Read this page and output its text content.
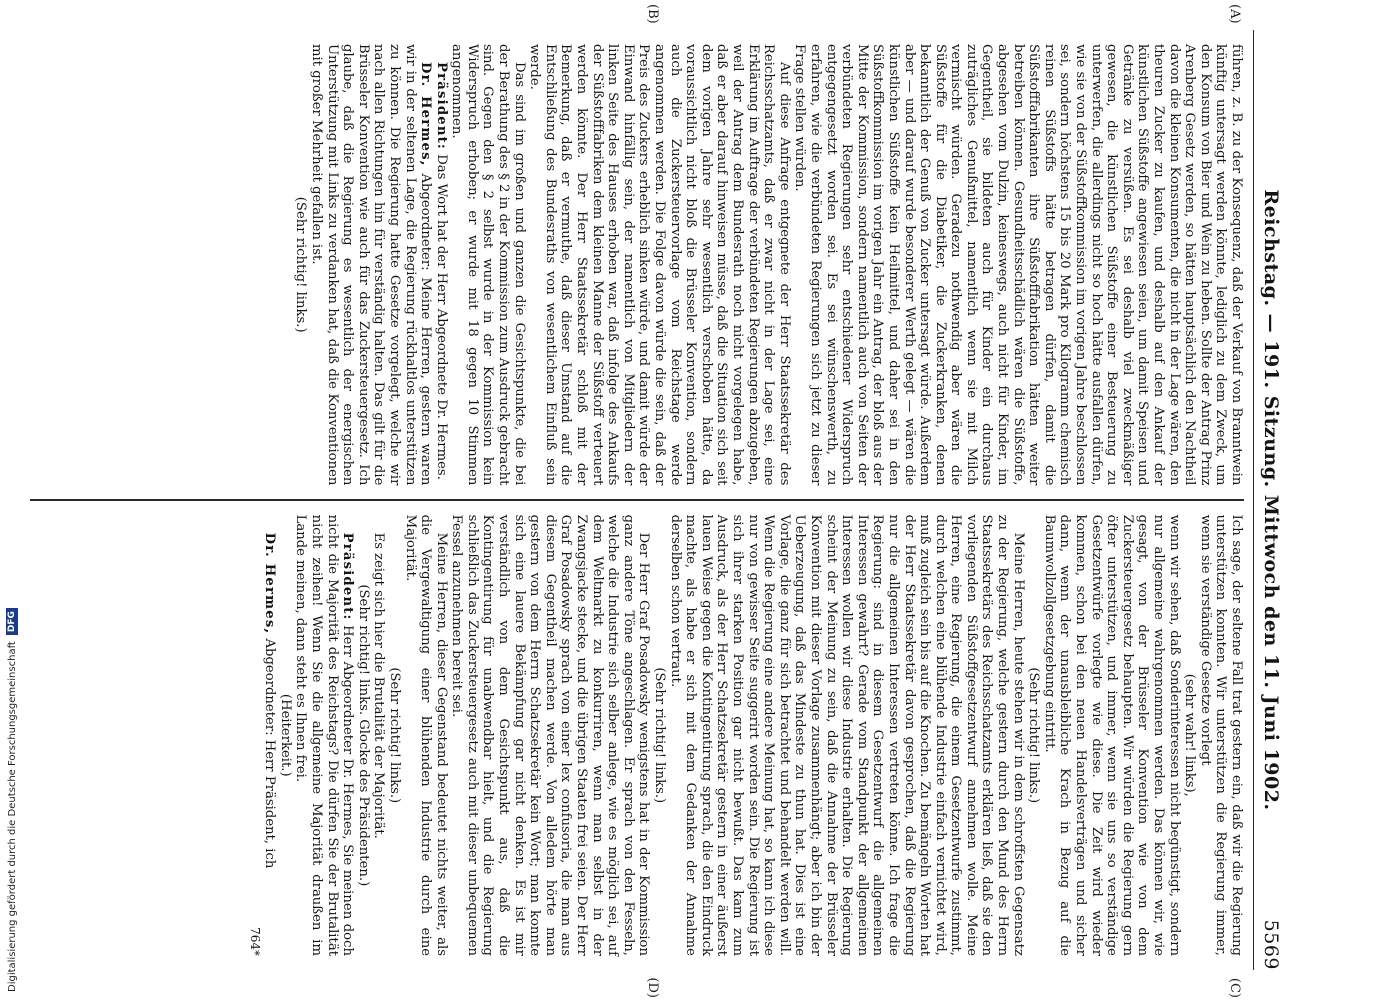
Reichstag. — 191. Sitzung. Mittwoch den 11. Juni 1902.
5569
(A)
(B)
(C)
(D)

führen, z. B. zu der Konsequenz, daß der Verkauf von Branntwein künftig untersagt werden könnte, lediglich zu dem Zweck, um den Konsum von Bier und Wein zu heben. Sollte der Antrag Prinz Arenberg Gesetz werden, so hätten hauptsächlich den Nachtheil davon die kleinen Konsumenten, die nicht in der Lage wären, den theuren Zucker zu kaufen, und deshalb auf den Ankauf der künstlichen Süßstoffe angewiesen seien, um damit Speisen und Getränke zu versüßen. Es sei deshalb viel zweckmäßiger gewesen, die künstlichen Süßstoffe einer Besteuerung zu unterwerfen, die allerdings nicht so hoch hätte ausfallen dürfen, wie sie von der Süßstoffkommission im vorigen Jahre beschlossen sei, sondern höchstens 15 bis 20 Mark pro Kilogramm chemisch reinen Süßstoffs hätte betragen dürfen, damit die Süßstofffabrikanten ihre Süßstofffabrikation hätten weiter betreiben können. Gesundheitsschädlich wären die Süßstoffe, abgesehen vom Dulzin, keineswegs, auch nicht für Kinder, im Gegentheil, sie bildeten auch für Kinder ein durchaus zuträgliches Genußmittel, namentlich wenn sie mit Milch vermischt würden. Geradezu nothwendig aber wären die Süßstoffe für die Diabetiker, die Zuckerkranken, denen bekanntlich der Genuß von Zucker untersagt würde. Außerdem aber — und darauf wurde besonderer Werth gelegt — wären die künstlichen Süßstoffe kein Heilmittel, und daher sei in den Süßstoffkommission im vorigen Jahr ein Antrag, der bloß aus der Mitte der Kommission, sondern namentlich auch von Seiten der verbündeten Regierungen sehr entschiedener Widerspruch entgegengesetzt worden sei. Es sei wünschenswerth, zu erfahren, wie die verbündeten Regierungen sich jetzt zu dieser Frage stellen würden.

Auf diese Anfrage entgegnete der Herr Staatssekretär des Reichsschatzamts, daß er zwar nicht in der Lage sei, eine Erklärung im Auftrage der verbündeten Regierungen abzugeben, weil der Antrag dem Bundesrath noch nicht vorgelegen habe, daß er aber darauf hinweisen müsse, daß die Situation sich seit dem vorigen Jahre sehr wesentlich verschoben hätte, da voraussichtlich nicht bloß die Brüsseler Konvention, sondern auch die Zuckersteuervorlage vom Reichstage werde angenommen werden. Die Folge davon würde die sein, daß der Preis des Zuckers erheblich sinken würde, und damit würde der Einwand hinfällig sein, der namentlich von Mitgliedern der linken Seite des Hauses erhoben war, daß infolge des Ankaufs der Süßstofffabriken dem kleinen Manne der Süßstoff verteuert werden könnte. Der Herr Staatssekretär schloß mit der Bemerkung, daß er vermuthe, daß dieser Umstand auf die Entschließung des Bundesraths von wesentlichem Einfluß sein werde.

Das sind im großen und ganzen die Gesichtspunkte, die bei der Berathung des § 2 in der Kommission zum Ausdruck gebracht sind. Gegen den § 2 selbst wurde in der Kommission kein Widerspruch erhoben; er wurde mit 18 gegen 10 Stimmen angenommen.

Präsident: Das Wort hat der Herr Abgeordnete Dr. Hermes.

Dr. Hermes, Abgeordneter: Meine Herren, gestern waren wir in der seltenen Lage, die Regierung rückhaltlos unterstützen zu können. Die Regierung hatte Gesetze vorgelegt, welche wir nach allen Richtungen hin für verständig halten. Das gilt für die Brüsseler Konvention wie auch für das Zuckersteuergesetz. Ich glaube, daß die Regierung es wesentlich der energischen Unterstützung mit Links zu verdanken hat, daß die Konventionen mit großer Mehrheit gefallen ist.

(Sehr richtig! links.)

Ich sage, der seltene Fall trat gestern ein, daß wir die Regierung unterstützen konnten. Wir unterstützen die Regierung immer, wenn sie verständige Gesetze vorlegt

(sehr wahr! links),

wenn wir sehen, daß Sonderinteressen nicht begünstigt, sondern nur allgemeine wahrgenommen werden. Das können wir, wie gesagt, von der Brüsseler Konvention wie von dem Zuckersteuergesetz behaupten. Wir würden die Regierung gern öfter unterstützen, und immer, wenn sie uns so verständige Gesetzentwürfe vorlegte wie diese. Die Zeit wird wieder kommen, schon bei den neuen Handelsverträgen und sicher dann, wenn der unausbleibliche Krach in Bezug auf die Baumwollzollgesetzgebung eintritt.

(Sehr richtig! links.)

Meine Herren, heute stehen wir in dem schroffsten Gegensatz zu der Regierung, welche gestern durch den Mund des Herrn Staatssekretärs des Reichsschatzamts erklären ließ, daß sie den vorliegenden Süßstoffgesetzentwurf annehmen wolle. Meine Herren, eine Regierung, die einem Gesetzentwurfe zustimmt, durch welchen eine blühende Industrie einfach vernichtet wird, muß zugleich sein bis auf die Knochen. Zu bemängeln Worten hat der Herr Staatssekretär davon gesprochen, daß die Regierung nur die allgemeinen Interessen vertreten könne. Ich frage die Regierung: sind in diesem Gesetzentwurf die allgemeinen Interessen gewahrt? Gerade vom Standpunkt der allgemeinen Interessen wollen wir diese Industrie erhalten. Die Regierung scheint der Meinung zu sein, daß die Annahme der Brüsseler Konvention mit dieser Vorlage zusammenhängt; aber ich bin der Ueberzeugung, daß das Mindeste zu thun hat. Dies ist eine Vorlage, die ganz für sich betrachtet und behandelt werden will. Wenn die Regierung eine andere Meinung hat, so kann ich diese nur von gewisser Seite suggerirt worden sein. Die Regierung ist sich ihrer starken Position gar nicht bewußt. Das kam zum Ausdruck, als der Herr Schatzsekretär gestern in einer äußerst lauen Weise gegen die Kontingentirung sprach, die den Eindruck machte, als habe er sich mit dem Gedanken der Annahme derselben schon vertraut.

(Sehr richtig! links.)

Der Herr Graf Posadowsky wenigstens hat in der Kommission ganz andere Töne angeschlagen. Er sprach von den Fesseln, welche die Industrie sich selber anlege, wie es möglich sei, auf dem Weltmarkt zu konkurriren, wenn man selbst in der Zwangsjacke stecke, und die übrigen Staaten frei seien. Der Herr Graf Posadowsky sprach von einer lex confusoria, die man aus diesem Gegentheil machen werde. Von alledem hörte man gestern von dem Herrn Schatzsekretär kein Wort; man konnte sich eine lauere Bekämpfung gar nicht denken. Es ist mir verständlich von dem Gesichtspunkt aus, daß die Kontingentirung für unabwendbar hielt, und die Regierung schließlich das Zuckersteuergesetz auch mit dieser unbequemen Fessel anzunehmen bereit sei.

Meine Herren, dieser Gegenstand bedeutet nichts weiter, als die Vergewaltigung einer blühenden Industrie durch eine Majorität.

(Sehr richtig! links.)

Es zeigt sich hier die Brutalität der Majorität.

(Sehr richtig! links. Glocke des Präsidenten.)

Präsident: Herr Abgeordneter Dr. Hermes, Sie meinen doch nicht die Majorität des Reichstags? Die dürfen Sie der Brutalität nicht zeihen! Wenn Sie die allgemeine Majorität draußen im Lande meinen, dann steht es Ihnen frei.

(Heiterkeit.)

Dr. Hermes, Abgeordneter: Herr Präsident, ich

764*

Digitalisierung gefördert durch die Deutsche Forschungsgemeinschaft
DFG
